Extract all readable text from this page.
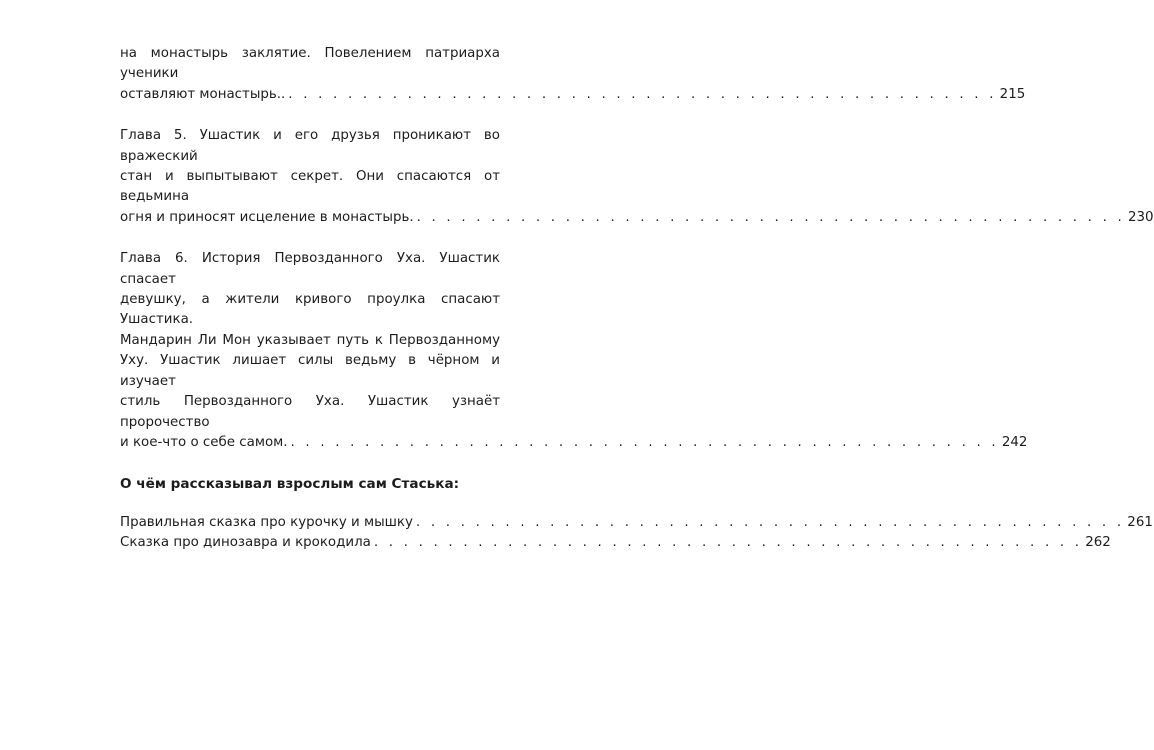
на монастырь заклятие. Повелением патриарха ученики
оставляют монастырь.. . . . . . . . . . . . . . . . . . . . . . . . . . . . . . . . . . . . . . . . . . . . . . . . . 215
Глава 5. Ушастик и его друзья проникают во вражеский
стан и выпытывают секрет. Они спасаются от ведьмина
огня и приносят исцеление в монастырь. . . . . . . . . . . . . . . . . . . . . . . . . . . . . . . . . . . . . . . . . . . . . . . . . 230
Глава 6. История Первозданного Уха. Ушастик спасает
девушку, а жители кривого проулка спасают Ушастика.
Мандарин Ли Мон указывает путь к Первозданному
Уху. Ушастик лишает силы ведьму в чёрном и изучает
стиль Первозданного Уха. Ушастик узнаёт пророчество
и кое-что о себе самом. . . . . . . . . . . . . . . . . . . . . . . . . . . . . . . . . . . . . . . . . . . . . . . . . 242
О чём рассказывал взрослым сам Стаська:
Правильная сказка про курочку и мышку . . . . . . . . . . . . . . . . . . . . . . . . . . . . . . . . . . . . . . . . . . . . . . . . 261
Сказка про динозавра и крокодила . . . . . . . . . . . . . . . . . . . . . . . . . . . . . . . . . . . . . . . . . . . . . . . . 262
